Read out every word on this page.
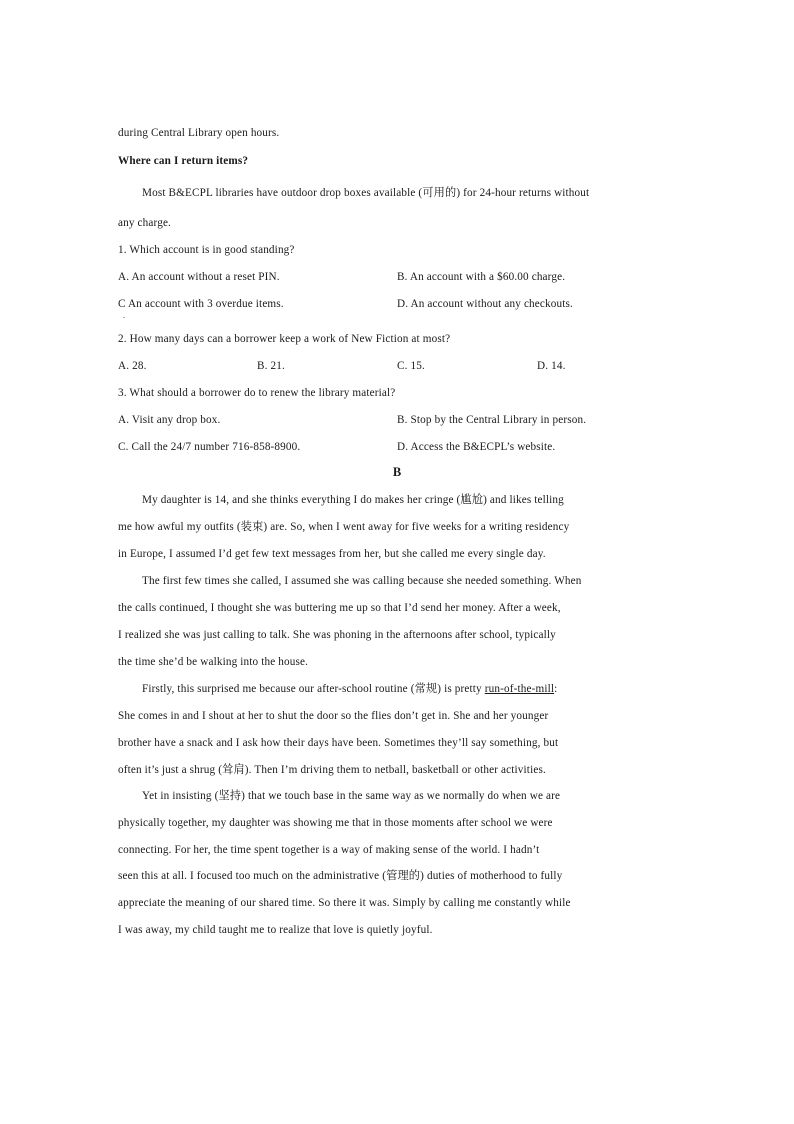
during Central Library open hours.
Where can I return items?
Most B&ECPL libraries have outdoor drop boxes available (可用的) for 24-hour returns without
any charge.
1. Which account is in good standing?
A. An account without a reset PIN.	B. An account with a $60.00 charge.
C An account with 3 overdue items.	D. An account without any checkouts.
.
2. How many days can a borrower keep a work of New Fiction at most?
A. 28.	B. 21.	C. 15.	D. 14.
3. What should a borrower do to renew the library material?
A. Visit any drop box.	B. Stop by the Central Library in person.
C. Call the 24/7 number 716-858-8900.	D. Access the B&ECPL’s website.
B
My daughter is 14, and she thinks everything I do makes her cringe (尴尬) and likes telling
me how awful my outfits (装束) are. So, when I went away for five weeks for a writing residency
in Europe, I assumed I’d get few text messages from her, but she called me every single day.
The first few times she called, I assumed she was calling because she needed something. When
the calls continued, I thought she was buttering me up so that I’d send her money. After a week,
I realized she was just calling to talk. She was phoning in the afternoons after school, typically
the time she’d be walking into the house.
Firstly, this surprised me because our after-school routine (常规) is pretty run-of-the-mill:
She comes in and I shout at her to shut the door so the flies don’t get in. She and her younger
brother have a snack and I ask how their days have been. Sometimes they’ll say something, but
often it’s just a shrug (耸肩). Then I’m driving them to netball, basketball or other activities.
Yet in insisting (坚持) that we touch base in the same way as we normally do when we are
physically together, my daughter was showing me that in those moments after school we were
connecting. For her, the time spent together is a way of making sense of the world. I hadn’t
seen this at all. I focused too much on the administrative (管理的) duties of motherhood to fully
appreciate the meaning of our shared time. So there it was. Simply by calling me constantly while
I was away, my child taught me to realize that love is quietly joyful.
